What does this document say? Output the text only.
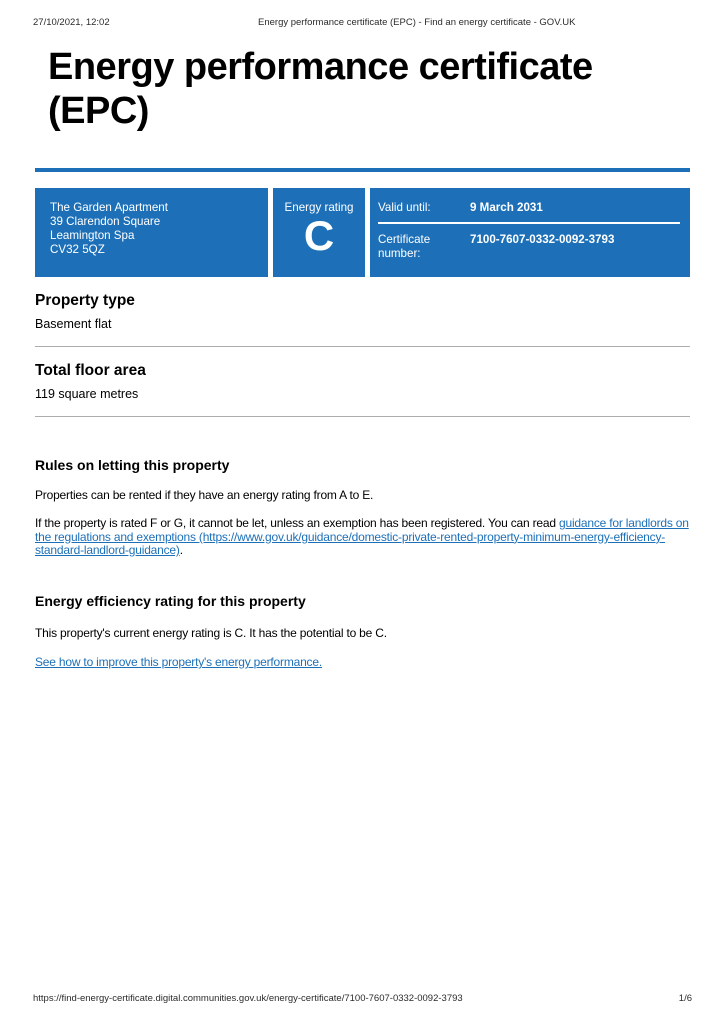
27/10/2021, 12:02	Energy performance certificate (EPC) - Find an energy certificate - GOV.UK
Energy performance certificate (EPC)
The Garden Apartment
39 Clarendon Square
Leamington Spa
CV32 5QZ
Energy rating
C
Valid until:	9 March 2031
Certificate number:
7100-7607-0332-0092-3793
Property type

Basement flat

Total floor area

119 square metres

Rules on letting this property

Properties can be rented if they have an energy rating from A to E.

If the property is rated F or G, it cannot be let, unless an exemption has been registered. You can read guidance for landlords on the regulations and exemptions (https://www.gov.uk/guidance/domestic-private-rented-property-minimum-energy-efficiency-standard-landlord-guidance).

Energy efficiency rating for this property

This property's current energy rating is C. It has the potential to be C.

See how to improve this property's energy performance.

https://find-energy-certificate.digital.communities.gov.uk/energy-certificate/7100-7607-0332-0092-3793	1/6
